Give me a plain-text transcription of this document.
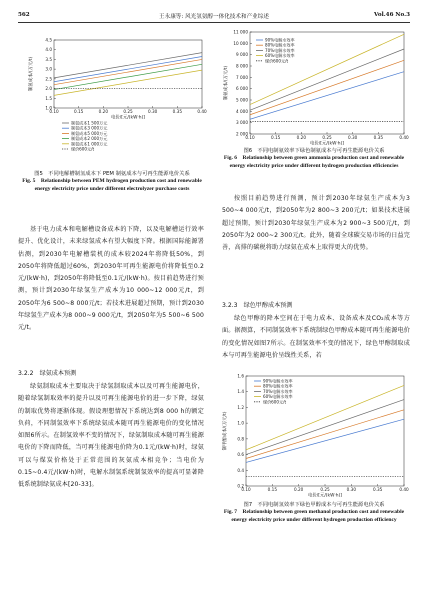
562	王永康等: 风光氢氨醇一体化技术和产业综述	Vol.46 No.3
0.10	0.15	0.20	0.25	0.30	0.35	0.40
1.0
1.5
2.0
2.5
3.0
3.5
4.0
4.5
电价/[元/(kW·h)]
制氢成本/(万元/t)
制氨成本1 500万元
制氨成本3 000万元
制氨成本5 000万元
制氨成本2 000万元
制氨成本1 000万元
煤价600元/t
图5　不同电解槽制氢成本下 PEM 制氨成本与可再生能源电价关系
Fig. 5　Relationship between PEM hydrogen production cost and renewable energy electricity price under different electrolyzer purchase costs
0.10	0.15	0.20	0.25	0.30	0.35	0.40
2 000
3 000
4 000
5 000
6 000
7 000
8 000
9 000
10 000
11 000
电价/[元/(kW·h)]
制氨成本/(万元/t)
90%电解水效率
80%电解水效率
70%电解水效率
60%电解水效率
煤价600元/t
图6　不同电制氨效率下绿色制氨成本与可再生能源电价关系
Fig. 6　Relationship between green ammonia production cost and renewable energy electricity price under different hydrogen production efficiencies

基于电力成本和电解槽设备成本的下降，以及电解槽运行效率提升、优化设计，未来绿氢成本有望大幅度下降。根据国际能源署估测，到2030年电解槽装机的成本较2024年将降低50%，到2050年将降低超过60%，到2030年可再生能源电价将降低至0.2元/(kW·h)，到2050年将降低至0.1元/(kW·h)。按目前趋势进行预测，预计到2030年绿氢生产成本为10 000~12 000元/t，到2050年为6 500~8 000元/t；若技术进展超过预期，预计到2030年绿氢生产成本为8 000~9 000元/t，到2050年为5 500~6 500元/t。

3.2.2　绿氨成本预测

绿氨制取成本主要取决于绿氢制取成本以及可再生能源电价，随着绿氢制取效率的提升以及可再生能源电价的进一步下降，绿氨的制取优势将逐渐体现。假设理想情况下系统达到8 000 h的额定负荷，不同制氢效率下系统绿氨成本随可再生能源电价的变化情况如图6所示。在制氢效率不变的情况下，绿氨制取成本随可再生能源电价的下降而降低，当可再生能源电价降为0.1元/(kW·h)时，绿氨可以与煤炭价格处于正常范围的灰氨成本相竞争；当电价为0.15~0.4元/(kW·h)时，电解水制氢系统制氢效率的提高可显著降低系统制绿氨成本[20-33]。

按照目前趋势进行预测，预计到2030年绿氨生产成本为3 500~4 000元/t，到2050年为2 800~3 200元/t；如果技术进展超过预期，预计到2030年绿氨生产成本为2 900~3 500元/t，到2050年为2 000~2 300元/t。此外，随着全球碳交易市场的日益完善，高排的碳税将助力绿氨在成本上取得更大的优势。

3.2.3　绿色甲醇成本预测

绿色甲醇的降本空间在于电力成本、设备成本及CO₂成本等方面。据测算，不同制氢效率下系统制绿色甲醇成本随可再生能源电价的变化情况如图7所示。在制氢效率不变的情况下，绿色甲醇制取成本与可再生能源电价呈线性关系，若

0.10	0.15	0.20	0.25	0.30	0.35	0.40
0.2
0.4
0.6
0.8
1.0
1.2
1.4
1.6
电价/[元/(kW·h)]
制甲醇成本/(万元/t)
90%电解水效率
80%电解水效率
70%电解水效率
60%电解水效率
煤价600元/t
图7　不同电制氢效率下绿色甲醇成本与可再生能源电价关系
Fig. 7　Relationship between green methanol production cost and renewable energy electricity price under different hydrogen production efficiency
